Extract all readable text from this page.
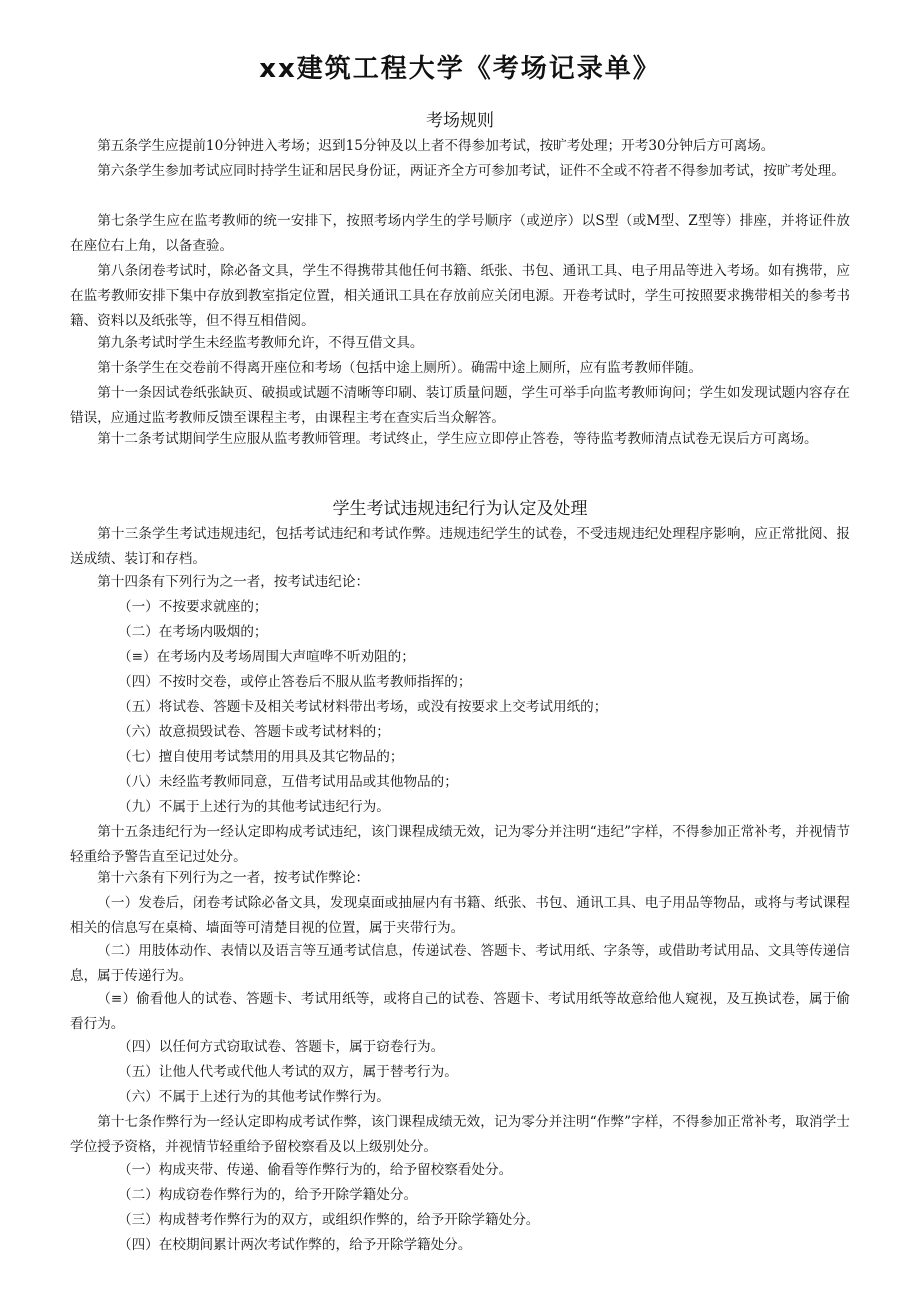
xx建筑工程大学《考场记录单》
考场规则

第五条学生应提前10分钟进入考场；迟到15分钟及以上者不得参加考试，按旷考处理；开考30分钟后方可离场。

第六条学生参加考试应同时持学生证和居民身份证，两证齐全方可参加考试，证件不全或不符者不得参加考试，按旷考处理。

第七条学生应在监考教师的统一安排下，按照考场内学生的学号顺序（或逆序）以S型（或M型、Z型等）排座，并将证件放在座位右上角，以备查验。

第八条闭卷考试时，除必备文具，学生不得携带其他任何书籍、纸张、书包、通讯工具、电子用品等进入考场。如有携带，应在监考教师安排下集中存放到教室指定位置，相关通讯工具在存放前应关闭电源。开卷考试时，学生可按照要求携带相关的参考书籍、资料以及纸张等，但不得互相借阅。

第九条考试时学生未经监考教师允许，不得互借文具。

第十条学生在交卷前不得离开座位和考场（包括中途上厕所）。确需中途上厕所，应有监考教师伴随。

第十一条因试卷纸张缺页、破损或试题不清晰等印刷、装订质量问题，学生可举手向监考教师询问；学生如发现试题内容存在错误，应通过监考教师反馈至课程主考，由课程主考在查实后当众解答。

第十二条考试期间学生应服从监考教师管理。考试终止，学生应立即停止答卷，等待监考教师清点试卷无误后方可离场。

学生考试违规违纪行为认定及处理

第十三条学生考试违规违纪，包括考试违纪和考试作弊。违规违纪学生的试卷，不受违规违纪处理程序影响，应正常批阅、报送成绩、装订和存档。

第十四条有下列行为之一者，按考试违纪论：

（一）不按要求就座的；

（二）在考场内吸烟的；

（≡）在考场内及考场周围大声喧哗不听劝阻的；

（四）不按时交卷，或停止答卷后不服从监考教师指挥的；

（五）将试卷、答题卡及相关考试材料带出考场，或没有按要求上交考试用纸的；

（六）故意损毁试卷、答题卡或考试材料的；

（七）擅自使用考试禁用的用具及其它物品的；

（八）未经监考教师同意，互借考试用品或其他物品的；

（九）不属于上述行为的其他考试违纪行为。

第十五条违纪行为一经认定即构成考试违纪，该门课程成绩无效，记为零分并注明“违纪”字样，不得参加正常补考，并视情节轻重给予警告直至记过处分。

第十六条有下列行为之一者，按考试作弊论：

（一）发卷后，闭卷考试除必备文具，发现桌面或抽屉内有书籍、纸张、书包、通讯工具、电子用品等物品，或将与考试课程相关的信息写在桌椅、墙面等可清楚目视的位置，属于夹带行为。

（二）用肢体动作、表情以及语言等互通考试信息，传递试卷、答题卡、考试用纸、字条等，或借助考试用品、文具等传递信息，属于传递行为。

（≡）偷看他人的试卷、答题卡、考试用纸等，或将自己的试卷、答题卡、考试用纸等故意给他人窥视，及互换试卷，属于偷看行为。

（四）以任何方式窃取试卷、答题卡，属于窃卷行为。

（五）让他人代考或代他人考试的双方，属于替考行为。

（六）不属于上述行为的其他考试作弊行为。

第十七条作弊行为一经认定即构成考试作弊，该门课程成绩无效，记为零分并注明“作弊”字样，不得参加正常补考，取消学士学位授予资格，并视情节轻重给予留校察看及以上级别处分。

（一）构成夹带、传递、偷看等作弊行为的，给予留校察看处分。

（二）构成窃卷作弊行为的，给予开除学籍处分。

（三）构成替考作弊行为的双方，或组织作弊的，给予开除学籍处分。

（四）在校期间累计两次考试作弊的，给予开除学籍处分。
